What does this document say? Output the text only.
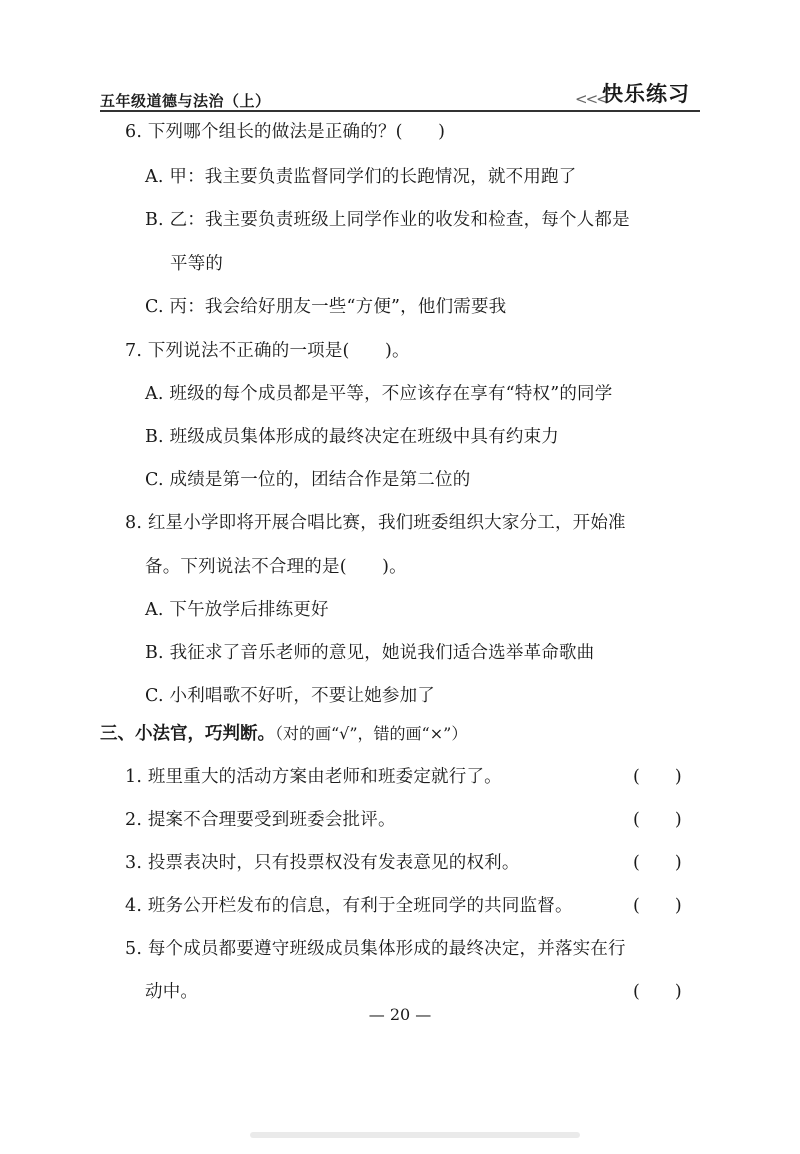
五年级道德与法治（上）	<<<
快乐练习
6. 下列哪个组长的做法是正确的？(　　)
A. 甲：我主要负责监督同学们的长跑情况，就不用跑了
B. 乙：我主要负责班级上同学作业的收发和检查，每个人都是
平等的
C. 丙：我会给好朋友一些“方便”，他们需要我
7. 下列说法不正确的一项是(　　)。
A. 班级的每个成员都是平等，不应该存在享有“特权”的同学
B. 班级成员集体形成的最终决定在班级中具有约束力
C. 成绩是第一位的，团结合作是第二位的
8. 红星小学即将开展合唱比赛，我们班委组织大家分工，开始准
备。下列说法不合理的是(　　)。
A. 下午放学后排练更好
B. 我征求了音乐老师的意见，她说我们适合选举革命歌曲
C. 小利唱歌不好听，不要让她参加了
三、小法官，巧判断。（对的画“√”，错的画“×”）
1. 班里重大的活动方案由老师和班委定就行了。	(　　)
2. 提案不合理要受到班委会批评。	(　　)
3. 投票表决时，只有投票权没有发表意见的权利。	(　　)
4. 班务公开栏发布的信息，有利于全班同学的共同监督。	(　　)
5. 每个成员都要遵守班级成员集体形成的最终决定，并落实在行
动中。	(　　)
— 20 —
